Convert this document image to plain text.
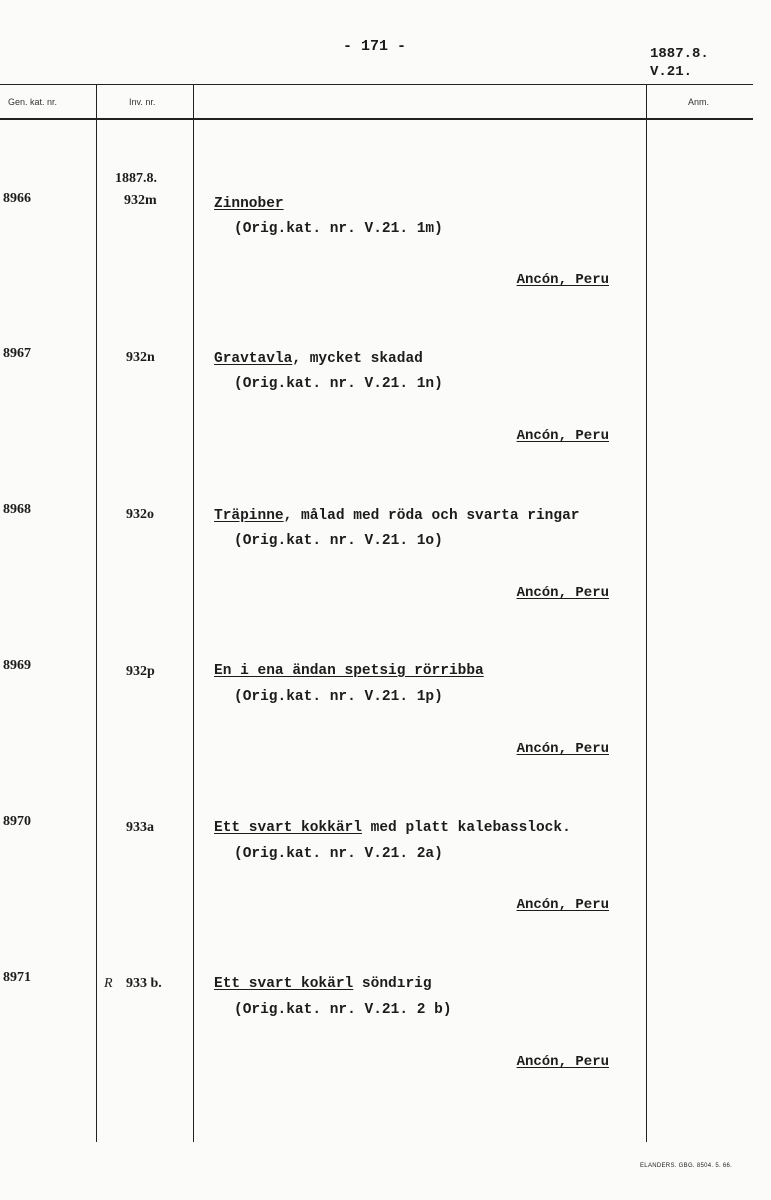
- 171 -	1887.8.
V.21.
Gen. kat. nr.	Inv. nr.	Anm.
1887.8.
8966	932m	Zinnober
(Orig.kat. nr. V.21. 1m)
Ancón, Peru
8967	932n	Gravtavla, mycket skadad
(Orig.kat. nr. V.21. 1n)
Ancón, Peru
8968	932o	Träpinne, målad med röda och svarta ringar
(Orig.kat. nr. V.21. 1o)
Ancón, Peru
8969	932p	En i ena ändan spetsig rörribba
(Orig.kat. nr. V.21. 1p)
Ancón, Peru
8970	933a	Ett svart kokkärl med platt kalebasslock.
(Orig.kat. nr. V.21. 2a)
Ancón, Peru
8971	R 933 b.	Ett svart kokärl söndırig
(Orig.kat. nr. V.21. 2 b)
Ancón, Peru
ELANDERS. GBG. 8504. 5. 66.
